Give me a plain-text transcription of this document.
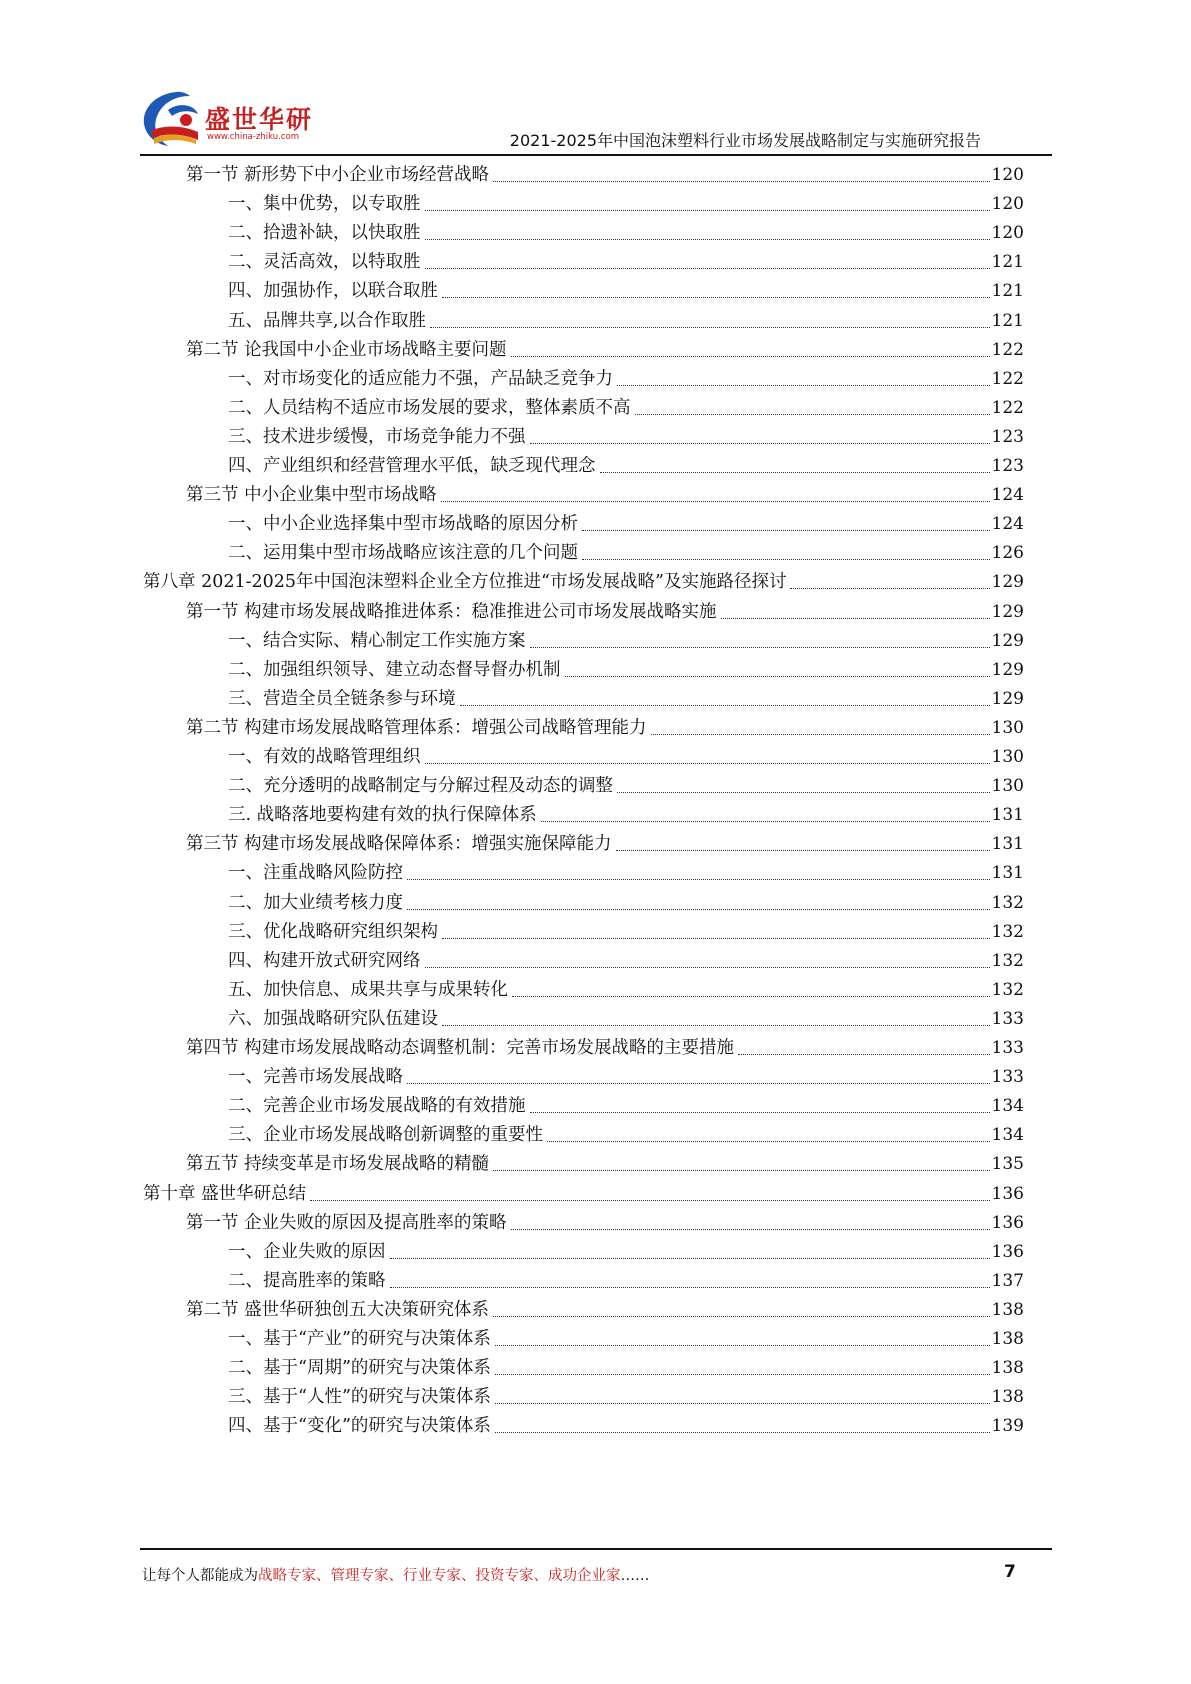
盛世华研
www.china-zhiku.com	2021-2025年中国泡沫塑料行业市场发展战略制定与实施研究报告
第一节 新形势下中小企业市场经营战略	120
一、集中优势，以专取胜	120
二、拾遗补缺，以快取胜	120
二、灵活高效，以特取胜	121
四、加强协作，以联合取胜	121
五、品牌共享,以合作取胜	121
第二节 论我国中小企业市场战略主要问题	122
一、对市场变化的适应能力不强，产品缺乏竞争力	122
二、人员结构不适应市场发展的要求，整体素质不高	122
三、技术进步缓慢，市场竞争能力不强	123
四、产业组织和经营管理水平低，缺乏现代理念	123
第三节 中小企业集中型市场战略	124
一、中小企业选择集中型市场战略的原因分析	124
二、运用集中型市场战略应该注意的几个问题	126
第八章 2021-2025年中国泡沫塑料企业全方位推进“市场发展战略”及实施路径探讨	129
第一节 构建市场发展战略推进体系：稳准推进公司市场发展战略实施	129
一、结合实际、精心制定工作实施方案	129
二、加强组织领导、建立动态督导督办机制	129
三、营造全员全链条参与环境	129
第二节 构建市场发展战略管理体系：增强公司战略管理能力	130
一、有效的战略管理组织	130
二、充分透明的战略制定与分解过程及动态的调整	130
三. 战略落地要构建有效的执行保障体系	131
第三节 构建市场发展战略保障体系：增强实施保障能力	131
一、注重战略风险防控	131
二、加大业绩考核力度	132
三、优化战略研究组织架构	132
四、构建开放式研究网络	132
五、加快信息、成果共享与成果转化	132
六、加强战略研究队伍建设	133
第四节 构建市场发展战略动态调整机制：完善市场发展战略的主要措施	133
一、完善市场发展战略	133
二、完善企业市场发展战略的有效措施	134
三、企业市场发展战略创新调整的重要性	134
第五节 持续变革是市场发展战略的精髓	135
第十章 盛世华研总结	136
第一节 企业失败的原因及提高胜率的策略	136
一、企业失败的原因	136
二、提高胜率的策略	137
第二节 盛世华研独创五大决策研究体系	138
一、基于“产业”的研究与决策体系	138
二、基于“周期”的研究与决策体系	138
三、基于“人性”的研究与决策体系	138
四、基于“变化”的研究与决策体系	139
让每个人都能成为战略专家、管理专家、行业专家、投资专家、成功企业家……	7
